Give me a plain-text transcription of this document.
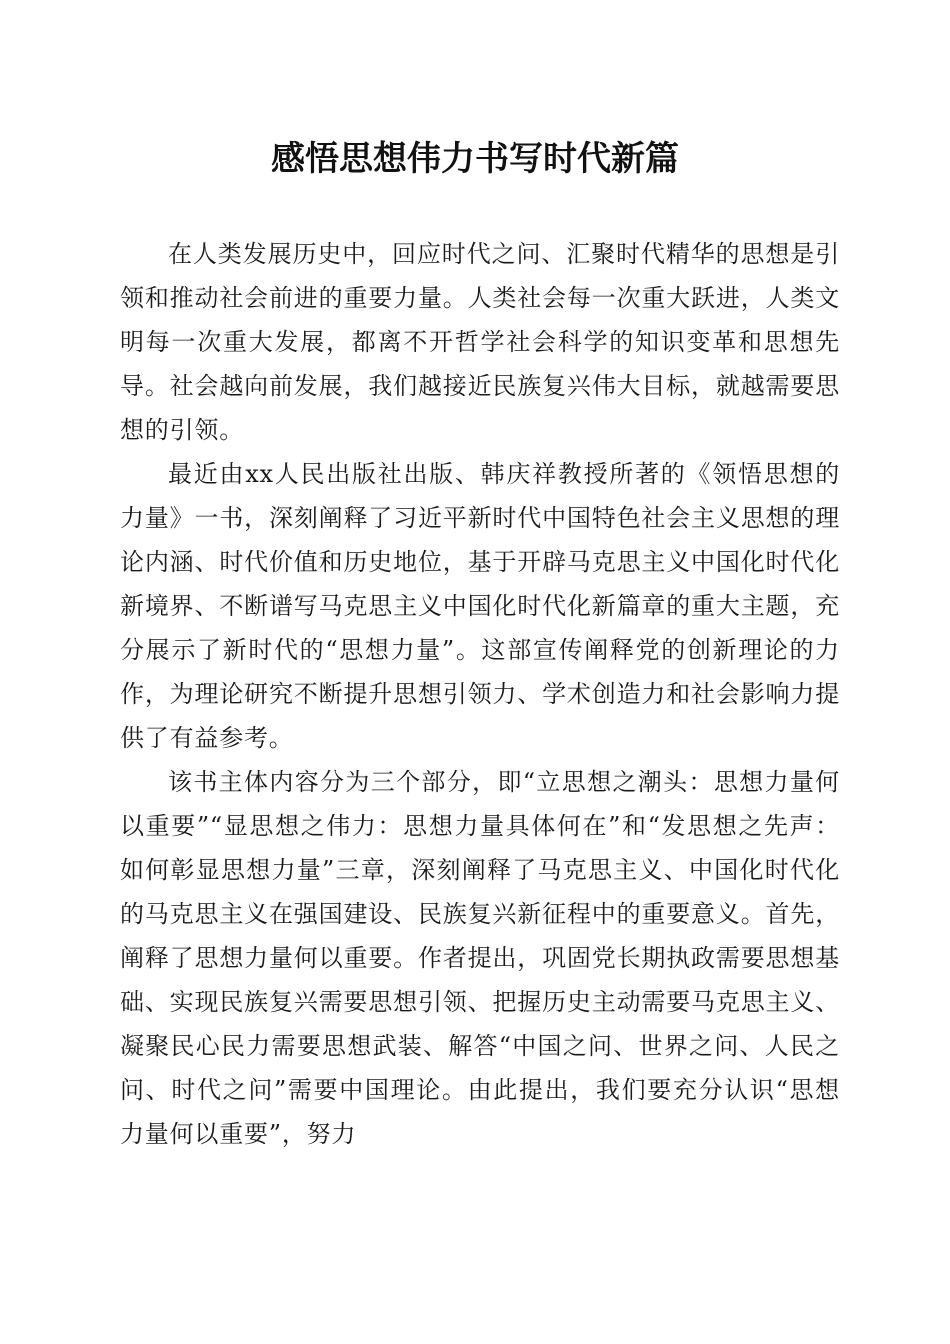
感悟思想伟力书写时代新篇

在人类发展历史中，回应时代之问、汇聚时代精华的思想是引领和推动社会前进的重要力量。人类社会每一次重大跃进，人类文明每一次重大发展，都离不开哲学社会科学的知识变革和思想先导。社会越向前发展，我们越接近民族复兴伟大目标，就越需要思想的引领。

最近由xx人民出版社出版、韩庆祥教授所著的《领悟思想的力量》一书，深刻阐释了习近平新时代中国特色社会主义思想的理论内涵、时代价值和历史地位，基于开辟马克思主义中国化时代化新境界、不断谱写马克思主义中国化时代化新篇章的重大主题，充分展示了新时代的“思想力量”。这部宣传阐释党的创新理论的力作，为理论研究不断提升思想引领力、学术创造力和社会影响力提供了有益参考。

该书主体内容分为三个部分，即“立思想之潮头：思想力量何以重要”“显思想之伟力：思想力量具体何在”和“发思想之先声：如何彰显思想力量”三章，深刻阐释了马克思主义、中国化时代化的马克思主义在强国建设、民族复兴新征程中的重要意义。首先，阐释了思想力量何以重要。作者提出，巩固党长期执政需要思想基础、实现民族复兴需要思想引领、把握历史主动需要马克思主义、凝聚民心民力需要思想武装、解答“中国之问、世界之问、人民之问、时代之问”需要中国理论。由此提出，我们要充分认识“思想力量何以重要”，努力
